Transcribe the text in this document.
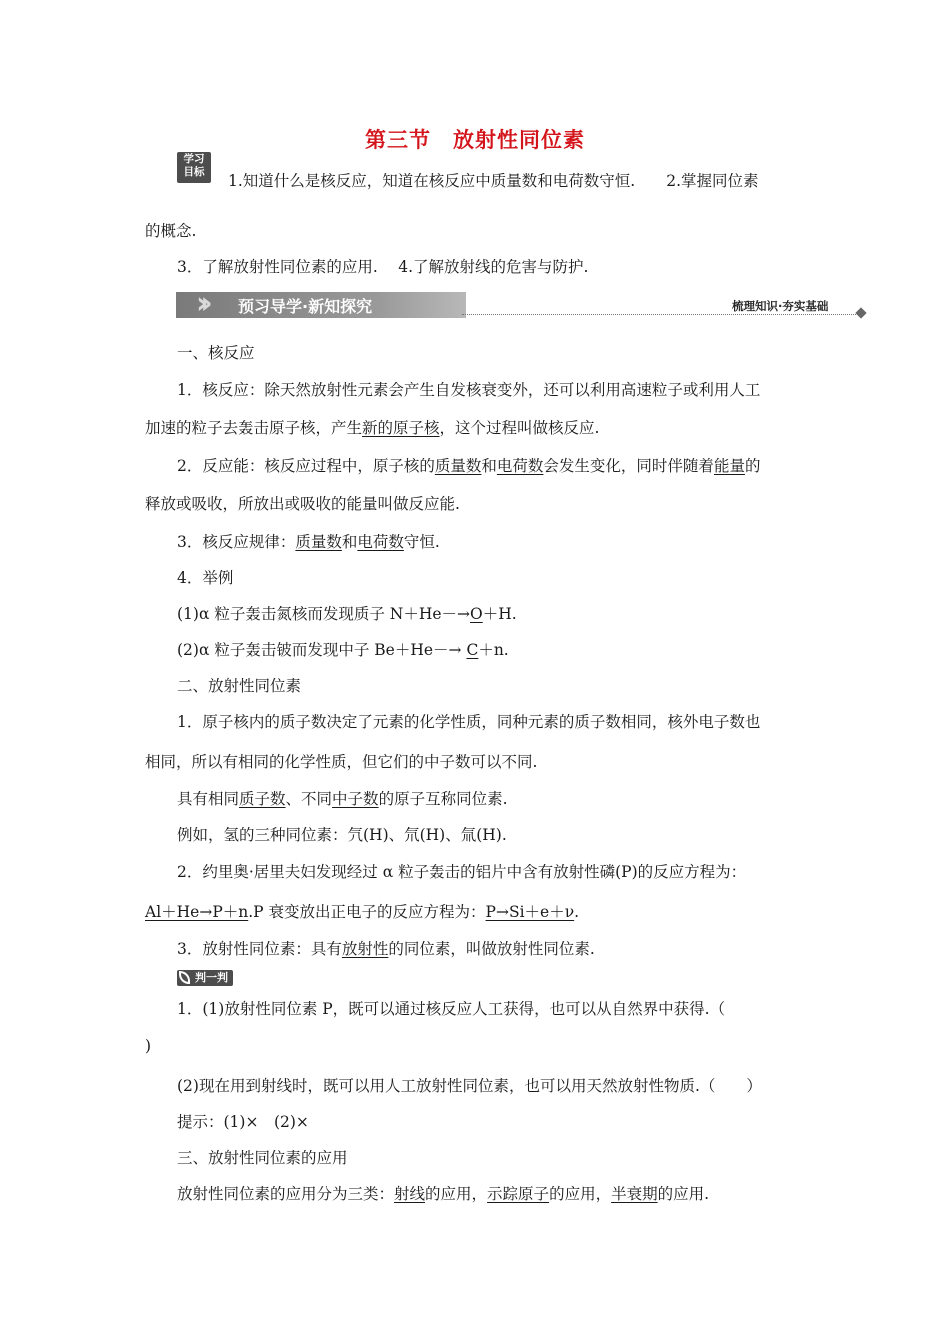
第三节　放射性同位素
学习
目标	1.知道什么是核反应，知道在核反应中质量数和电荷数守恒.　　2.掌握同位素
的概念.
3．了解放射性同位素的应用.　 4.了解放射线的危害与防护.
›› 预习导学·新知探究	梳理知识·夯实基础
一、核反应
1．核反应：除天然放射性元素会产生自发核衰变外，还可以利用高速粒子或利用人工
加速的粒子去轰击原子核，产生新的原子核，这个过程叫做核反应.
2．反应能：核反应过程中，原子核的质量数和电荷数会发生变化，同时伴随着能量的
释放或吸收，所放出或吸收的能量叫做反应能.
3．核反应规律：质量数和电荷数守恒.
4．举例
(1)α 粒子轰击氮核而发现质子 N＋He－→O＋H.
(2)α 粒子轰击铍而发现中子 Be＋He－→ C＋n.
二、放射性同位素
1．原子核内的质子数决定了元素的化学性质，同种元素的质子数相同，核外电子数也
相同，所以有相同的化学性质，但它们的中子数可以不同.
具有相同质子数、不同中子数的原子互称同位素.
例如，氢的三种同位素：氕(H)、氘(H)、氚(H).
2．约里奥·居里夫妇发现经过 α 粒子轰击的铝片中含有放射性磷(P)的反应方程为：
Al＋He→P＋n.P 衰变放出正电子的反应方程为：P→Si＋e＋ν.
3．放射性同位素：具有放射性的同位素，叫做放射性同位素.
判一判
1．(1)放射性同位素 P，既可以通过核反应人工获得，也可以从自然界中获得.（
)
(2)现在用到射线时，既可以用人工放射性同位素，也可以用天然放射性物质.（　　）
提示：(1)×　(2)×
三、放射性同位素的应用
放射性同位素的应用分为三类：射线的应用，示踪原子的应用，半衰期的应用.
